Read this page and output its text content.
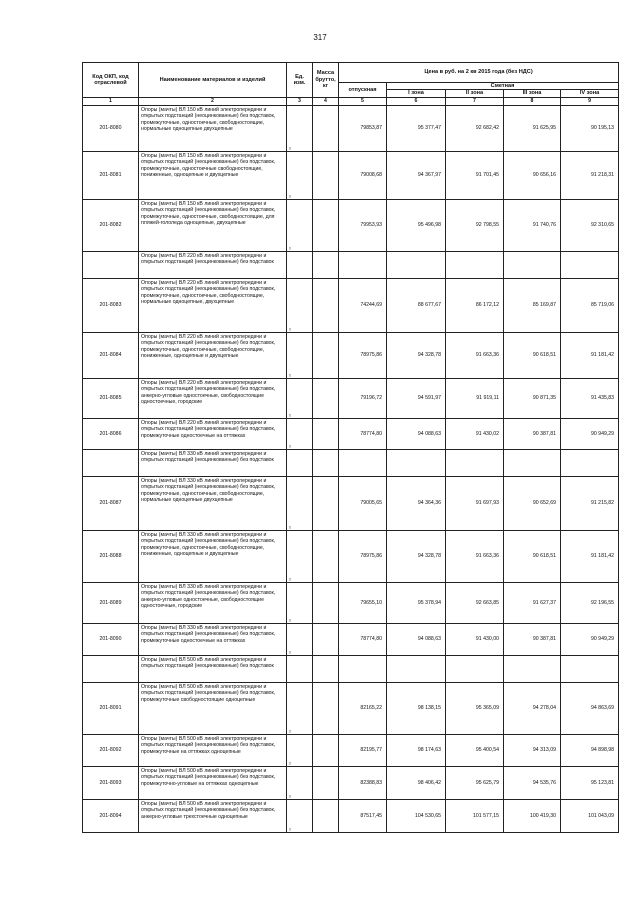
317
Код ОКП, код отраслевой	Наименование материалов и изделий	Ед. изм.	Масса брутто, кг	Цена в руб. на 2 кв 2015 года (без НДС)				
				отпускная	Сметная			
					I зона	II зона	III зона	IV зона
1	2	3	4	5	6	7	8	9
201-8080	Опоры (мачты) ВЛ 150 кВ линий электропередачи и открытых подстанций (неоцинкованные) без подставок, промежуточные, одностоечные, свободностоящие, нормальные одноцепные двухцепные	т		79853,87	95 377,47	92 682,42	91 625,95	90 195,13
201-8081	Опоры (мачты) ВЛ 150 кВ линий электропередачи и открытых подстанций (неоцинкованные) без подставок, промежуточные, одностоечные свободностоящие, пониженные, одноцепные и двухцепные	т		79008,68	94 367,97	91 701,45	90 656,16	91 218,31
201-8082	Опоры (мачты) ВЛ 150 кВ линий электропередачи и открытых подстанций (неоцинкованные) без подставок, промежуточные, одностоечные, свободностоящие, для пляжей-гололеда одноцепные, двухцепные	т		79953,93	95 496,98	92 798,55	91 740,76	92 310,65
	Опоры (мачты) ВЛ 220 кВ линий электропередачи и открытых подстанций (неоцинкованные) без подставок							
201-8083	Опоры (мачты) ВЛ 220 кВ линий электропередачи и открытых подстанций (неоцинкованные) без подставок, промежуточные, одностоечные, свободностоящие, нормальные одноцепные, двухцепные	т		74244,69	88 677,67	86 172,12	85 169,87	85 719,06
201-8084	Опоры (мачты) ВЛ 220 кВ линий электропередачи и открытых подстанций (неоцинкованные) без подставок, промежуточные, одностоечные, свободностоящие, пониженные, одноцепные и двухцепные	т		78975,86	94 328,78	91 663,36	90 618,51	91 181,42
201-8085	Опоры (мачты) ВЛ 220 кВ линий электропередачи и открытых подстанций (неоцинкованные) без подставок, анкерно-угловые одностоечные, свободностоящие одностоечные, городские	т		79196,72	94 591,97	91 919,11	90 871,35	91 435,83
201-8086	Опоры (мачты) ВЛ 220 кВ линий электропередачи и открытых подстанций (неоцинкованные) без подставок, промежуточные одностоечные на оттяжках	т		78774,80	94 088,63	91 430,02	90 387,81	90 949,29
	Опоры (мачты) ВЛ 330 кВ линий электропередачи и открытых подстанций (неоцинкованные) без подставок							
201-8087	Опоры (мачты) ВЛ 330 кВ линий электропередачи и открытых подстанций (неоцинкованные) без подставок, промежуточные, одностоечные, свободностоящие, нормальные одноцепные двухцепные	т		79005,65	94 364,36	91 697,93	90 652,69	91 215,82
201-8088	Опоры (мачты) ВЛ 330 кВ линий электропередачи и открытых подстанций (неоцинкованные) без подставок, промежуточные, одностоечные, свободностоящие, пониженные, одноцепные и двухцепные	т		78975,86	94 328,78	91 663,36	90 618,51	91 181,42
201-8089	Опоры (мачты) ВЛ 330 кВ линий электропередачи и открытых подстанций (неоцинкованные) без подставок, анкерно-угловые одностоечные, свободностоящие одностоечные, городские	т		79655,10	95 378,94	92 663,85	91 627,37	92 196,55
201-8090	Опоры (мачты) ВЛ 330 кВ линий электропередачи и открытых подстанций (неоцинкованные) без подставок, промежуточные одностоечные на оттяжках	т		78774,80	94 088,63	91 430,00	90 387,81	90 949,29
	Опоры (мачты) ВЛ 500 кВ линий электропередачи и открытых подстанций (неоцинкованные) без подставок							
201-8091	Опоры (мачты) ВЛ 500 кВ линий электропередачи и открытых подстанций (неоцинкованные) без подставок, промежуточные свободностоящие одноцепные	т		82165,22	98 138,15	95 365,09	94 278,04	94 863,69
201-8092	Опоры (мачты) ВЛ 500 кВ линий электропередачи и открытых подстанций (неоцинкованные) без подставок, промежуточные на оттяжках одноцепные	т		82195,77	98 174,63	95 400,54	94 313,09	94 898,98
201-8093	Опоры (мачты) ВЛ 500 кВ линий электропередачи и открытых подстанций (неоцинкованные) без подставок, промежуточно-угловые на оттяжках одноцепные	т		82388,83	98 406,42	95 625,79	94 535,76	95 123,81
201-8094	Опоры (мачты) ВЛ 500 кВ линий электропередачи и открытых подстанций (неоцинкованные) без подставок, анкерно-угловые трехстоечные одноцепные	т		87517,45	104 530,65	101 577,15	100 419,30	101 043,09
